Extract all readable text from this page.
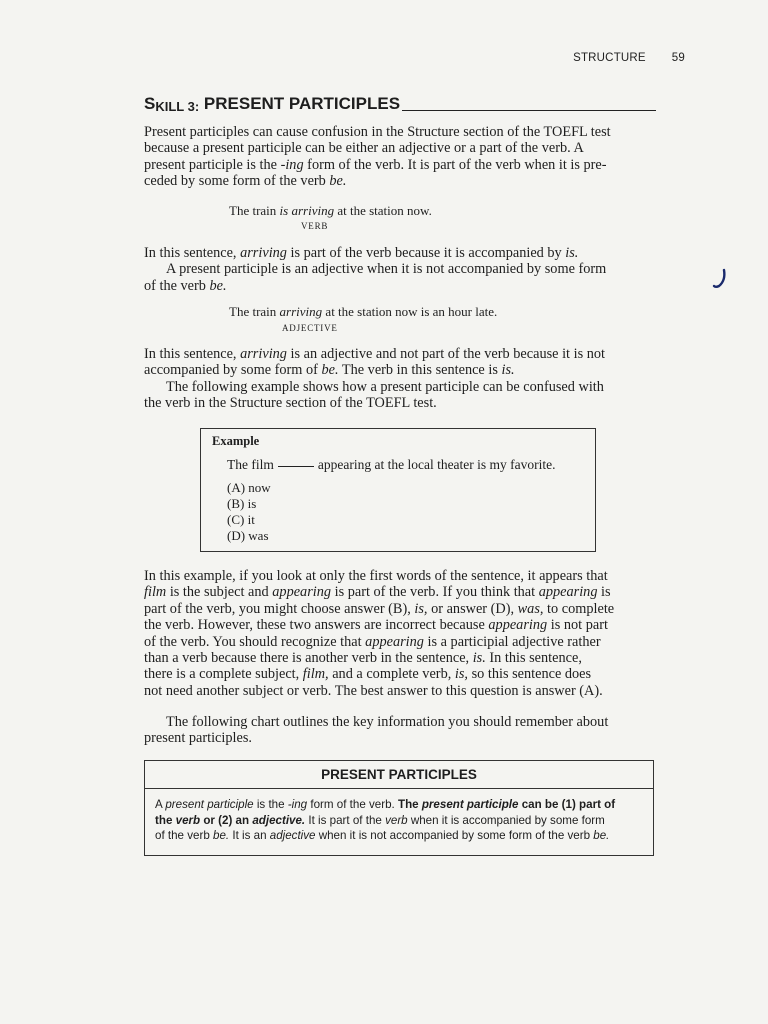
STRUCTURE 59
S KILL 3: PRESENT PARTICIPLES
Present participles can cause confusion in the Structure section of the TOEFL test
because a present participle can be either an adjective or a part of the verb. A
present participle is the -ing form of the verb. It is part of the verb when it is pre-
ceded by some form of the verb be.
The train is arriving at the station now.
VERB
In this sentence, arriving is part of the verb because it is accompanied by is.
A present participle is an adjective when it is not accompanied by some form
of the verb be.
The train arriving at the station now is an hour late.
ADJECTIVE
In this sentence, arriving is an adjective and not part of the verb because it is not
accompanied by some form of be. The verb in this sentence is is.
The following example shows how a present participle can be confused with
the verb in the Structure section of the TOEFL test.
Example
The film	appearing at the local theater is my favorite.
(A) now
(B) is
(C) it
(D) was
In this example, if you look at only the first words of the sentence, it appears that
film is the subject and appearing is part of the verb. If you think that appearing is
part of the verb, you might choose answer (B), is, or answer (D), was, to complete
the verb. However, these two answers are incorrect because appearing is not part
of the verb. You should recognize that appearing is a participial adjective rather
than a verb because there is another verb in the sentence, is. In this sentence,
there is a complete subject, film, and a complete verb, is, so this sentence does
not need another subject or verb. The best answer to this question is answer (A).
The following chart outlines the key information you should remember about
present participles.
PRESENT PARTICIPLES
A present participle is the -ing form of the verb. The present participle can be (1) part of
the verb or (2) an adjective. It is part of the verb when it is accompanied by some form
of the verb be. It is an adjective when it is not accompanied by some form of the verb be.
